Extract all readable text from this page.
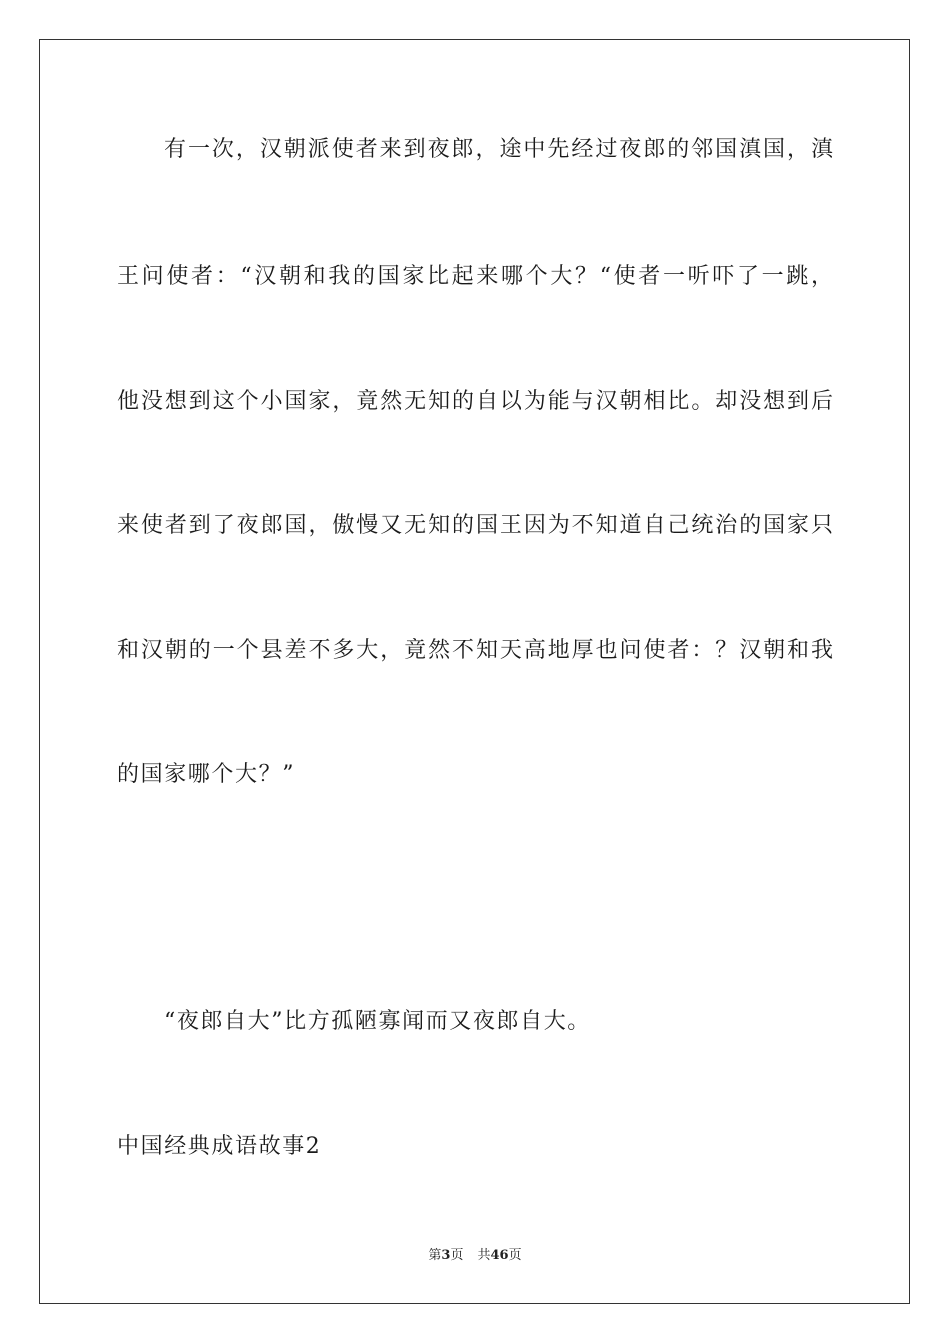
有一次，汉朝派使者来到夜郎，途中先经过夜郎的邻国滇国，滇
王问使者：“汉朝和我的国家比起来哪个大？“使者一听吓了一跳，
他没想到这个小国家，竟然无知的自以为能与汉朝相比。却没想到后
来使者到了夜郎国，傲慢又无知的国王因为不知道自己统治的国家只
和汉朝的一个县差不多大，竟然不知天高地厚也问使者：？汉朝和我
的国家哪个大？”
“夜郎自大”比方孤陋寡闻而又夜郎自大。
中国经典成语故事2
第3页 共46页
